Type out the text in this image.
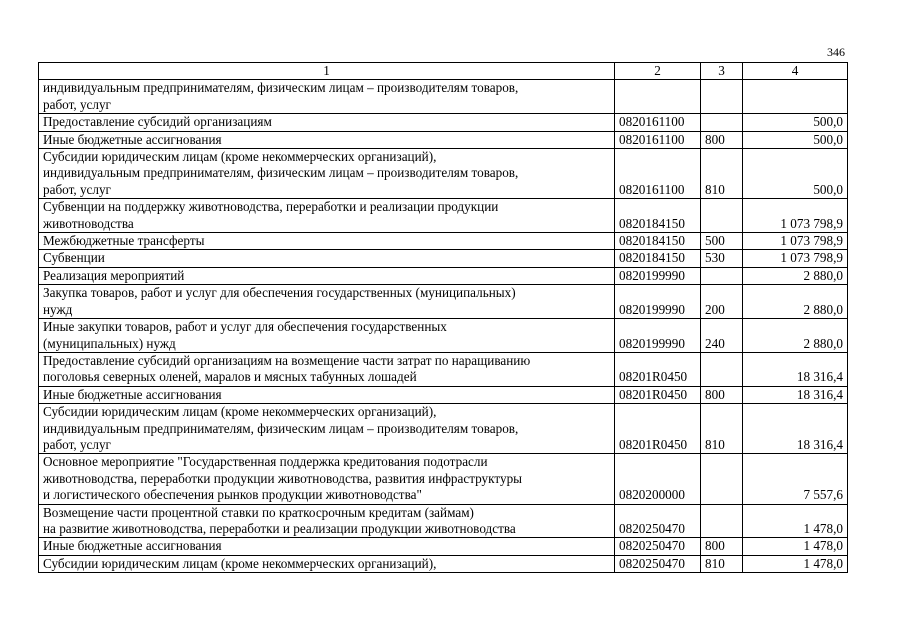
346
1	2	3	4
индивидуальным предпринимателям, физическим лицам – производителям товаров,
работ, услуг			
Предоставление субсидий организациям	0820161100		500,0
Иные бюджетные ассигнования	0820161100	800	500,0
Субсидии юридическим лицам (кроме некоммерческих организаций),
индивидуальным предпринимателям, физическим лицам – производителям товаров,
работ, услуг	0820161100	810	500,0
Субвенции на поддержку животноводства, переработки и реализации продукции
животноводства	0820184150		1 073 798,9
Межбюджетные трансферты	0820184150	500	1 073 798,9
Субвенции	0820184150	530	1 073 798,9
Реализация мероприятий	0820199990		2 880,0
Закупка товаров, работ и услуг для обеспечения государственных (муниципальных)
нужд	0820199990	200	2 880,0
Иные закупки товаров, работ и услуг для обеспечения государственных
(муниципальных) нужд	0820199990	240	2 880,0
Предоставление субсидий организациям на возмещение части затрат по наращиванию
поголовья северных оленей, маралов и мясных табунных лошадей	08201R0450		18 316,4
Иные бюджетные ассигнования	08201R0450	800	18 316,4
Субсидии юридическим лицам (кроме некоммерческих организаций),
индивидуальным предпринимателям, физическим лицам – производителям товаров,
работ, услуг	08201R0450	810	18 316,4
Основное мероприятие "Государственная поддержка кредитования подотрасли
животноводства, переработки продукции животноводства, развития инфраструктуры
и логистического обеспечения рынков продукции животноводства"	0820200000		7 557,6
Возмещение части процентной ставки по краткосрочным кредитам (займам)
на развитие животноводства, переработки и реализации продукции животноводства	0820250470		1 478,0
Иные бюджетные ассигнования	0820250470	800	1 478,0
Субсидии юридическим лицам (кроме некоммерческих организаций),	0820250470	810	1 478,0
